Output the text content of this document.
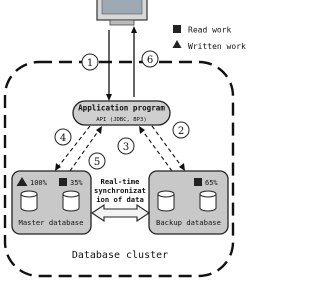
Read work
Written work
Application program
API (JDBC, BP3)
1	6
4
2
3
5
100%	35%
Master database
65%
Backup database
Real-time
synchronizat
ion of data
Database cluster
